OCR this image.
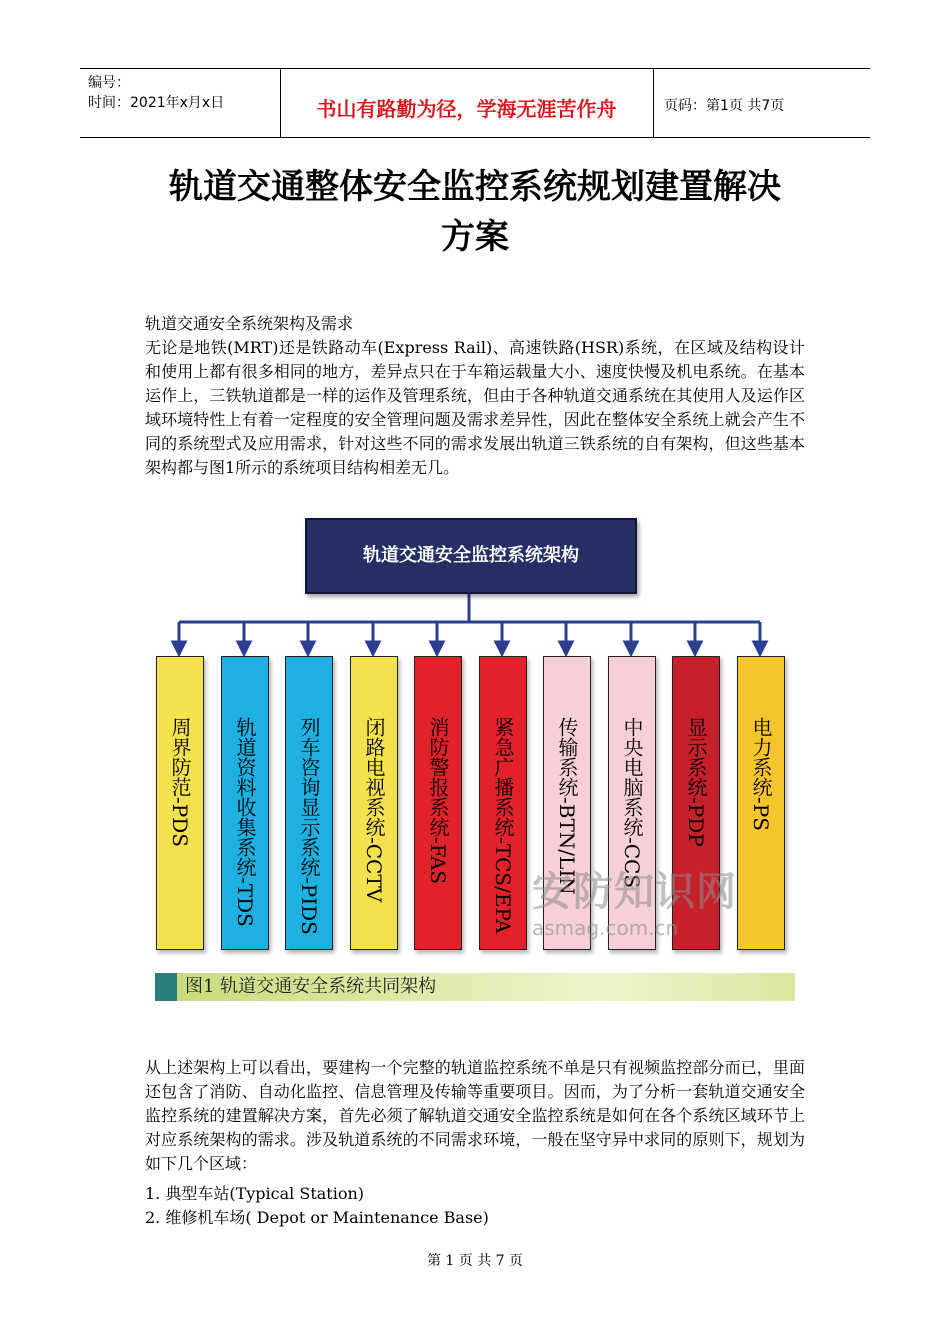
编号：
时间：2021年x月x日	书山有路勤为径，学海无涯苦作舟	页码：第1页 共7页
轨道交通整体安全监控系统规划建置解决
方案
轨道交通安全系统架构及需求
无论是地铁(MRT)还是铁路动车(Express Rail)、高速铁路(HSR)系统，在区域及结构设计和使用上都有很多相同的地方，差异点只在于车箱运载量大小、速度快慢及机电系统。在基本运作上，三铁轨道都是一样的运作及管理系统，但由于各种轨道交通系统在其使用人及运作区域环境特性上有着一定程度的安全管理问题及需求差异性，因此在整体安全系统上就会产生不同的系统型式及应用需求，针对这些不同的需求发展出轨道三铁系统的自有架构，但这些基本架构都与图1所示的系统项目结构相差无几。
轨道交通安全监控系统架构
周界防范-PDS	轨道资料收集系统-TDS	列车咨询显示系统-PIDS	闭路电视系统-CCTV	消防警报系统-FAS	紧急广播系统-TCS/EPA	传输系统-BTN/LIN	中央电脑系统-CCS	显示系统-PDP	电力系统-PS
安防知识网
asmag.com.cn
图1 轨道交通安全系统共同架构
从上述架构上可以看出，要建构一个完整的轨道监控系统不单是只有视频监控部分而已，里面还包含了消防、自动化监控、信息管理及传输等重要项目。因而，为了分析一套轨道交通安全监控系统的建置解决方案，首先必须了解轨道交通安全监控系统是如何在各个系统区域环节上对应系统架构的需求。涉及轨道系统的不同需求环境，一般在坚守异中求同的原则下，规划为如下几个区域：
1. 典型车站(Typical Station)
2. 维修机车场( Depot or Maintenance Base)
第 1 页 共 7 页
